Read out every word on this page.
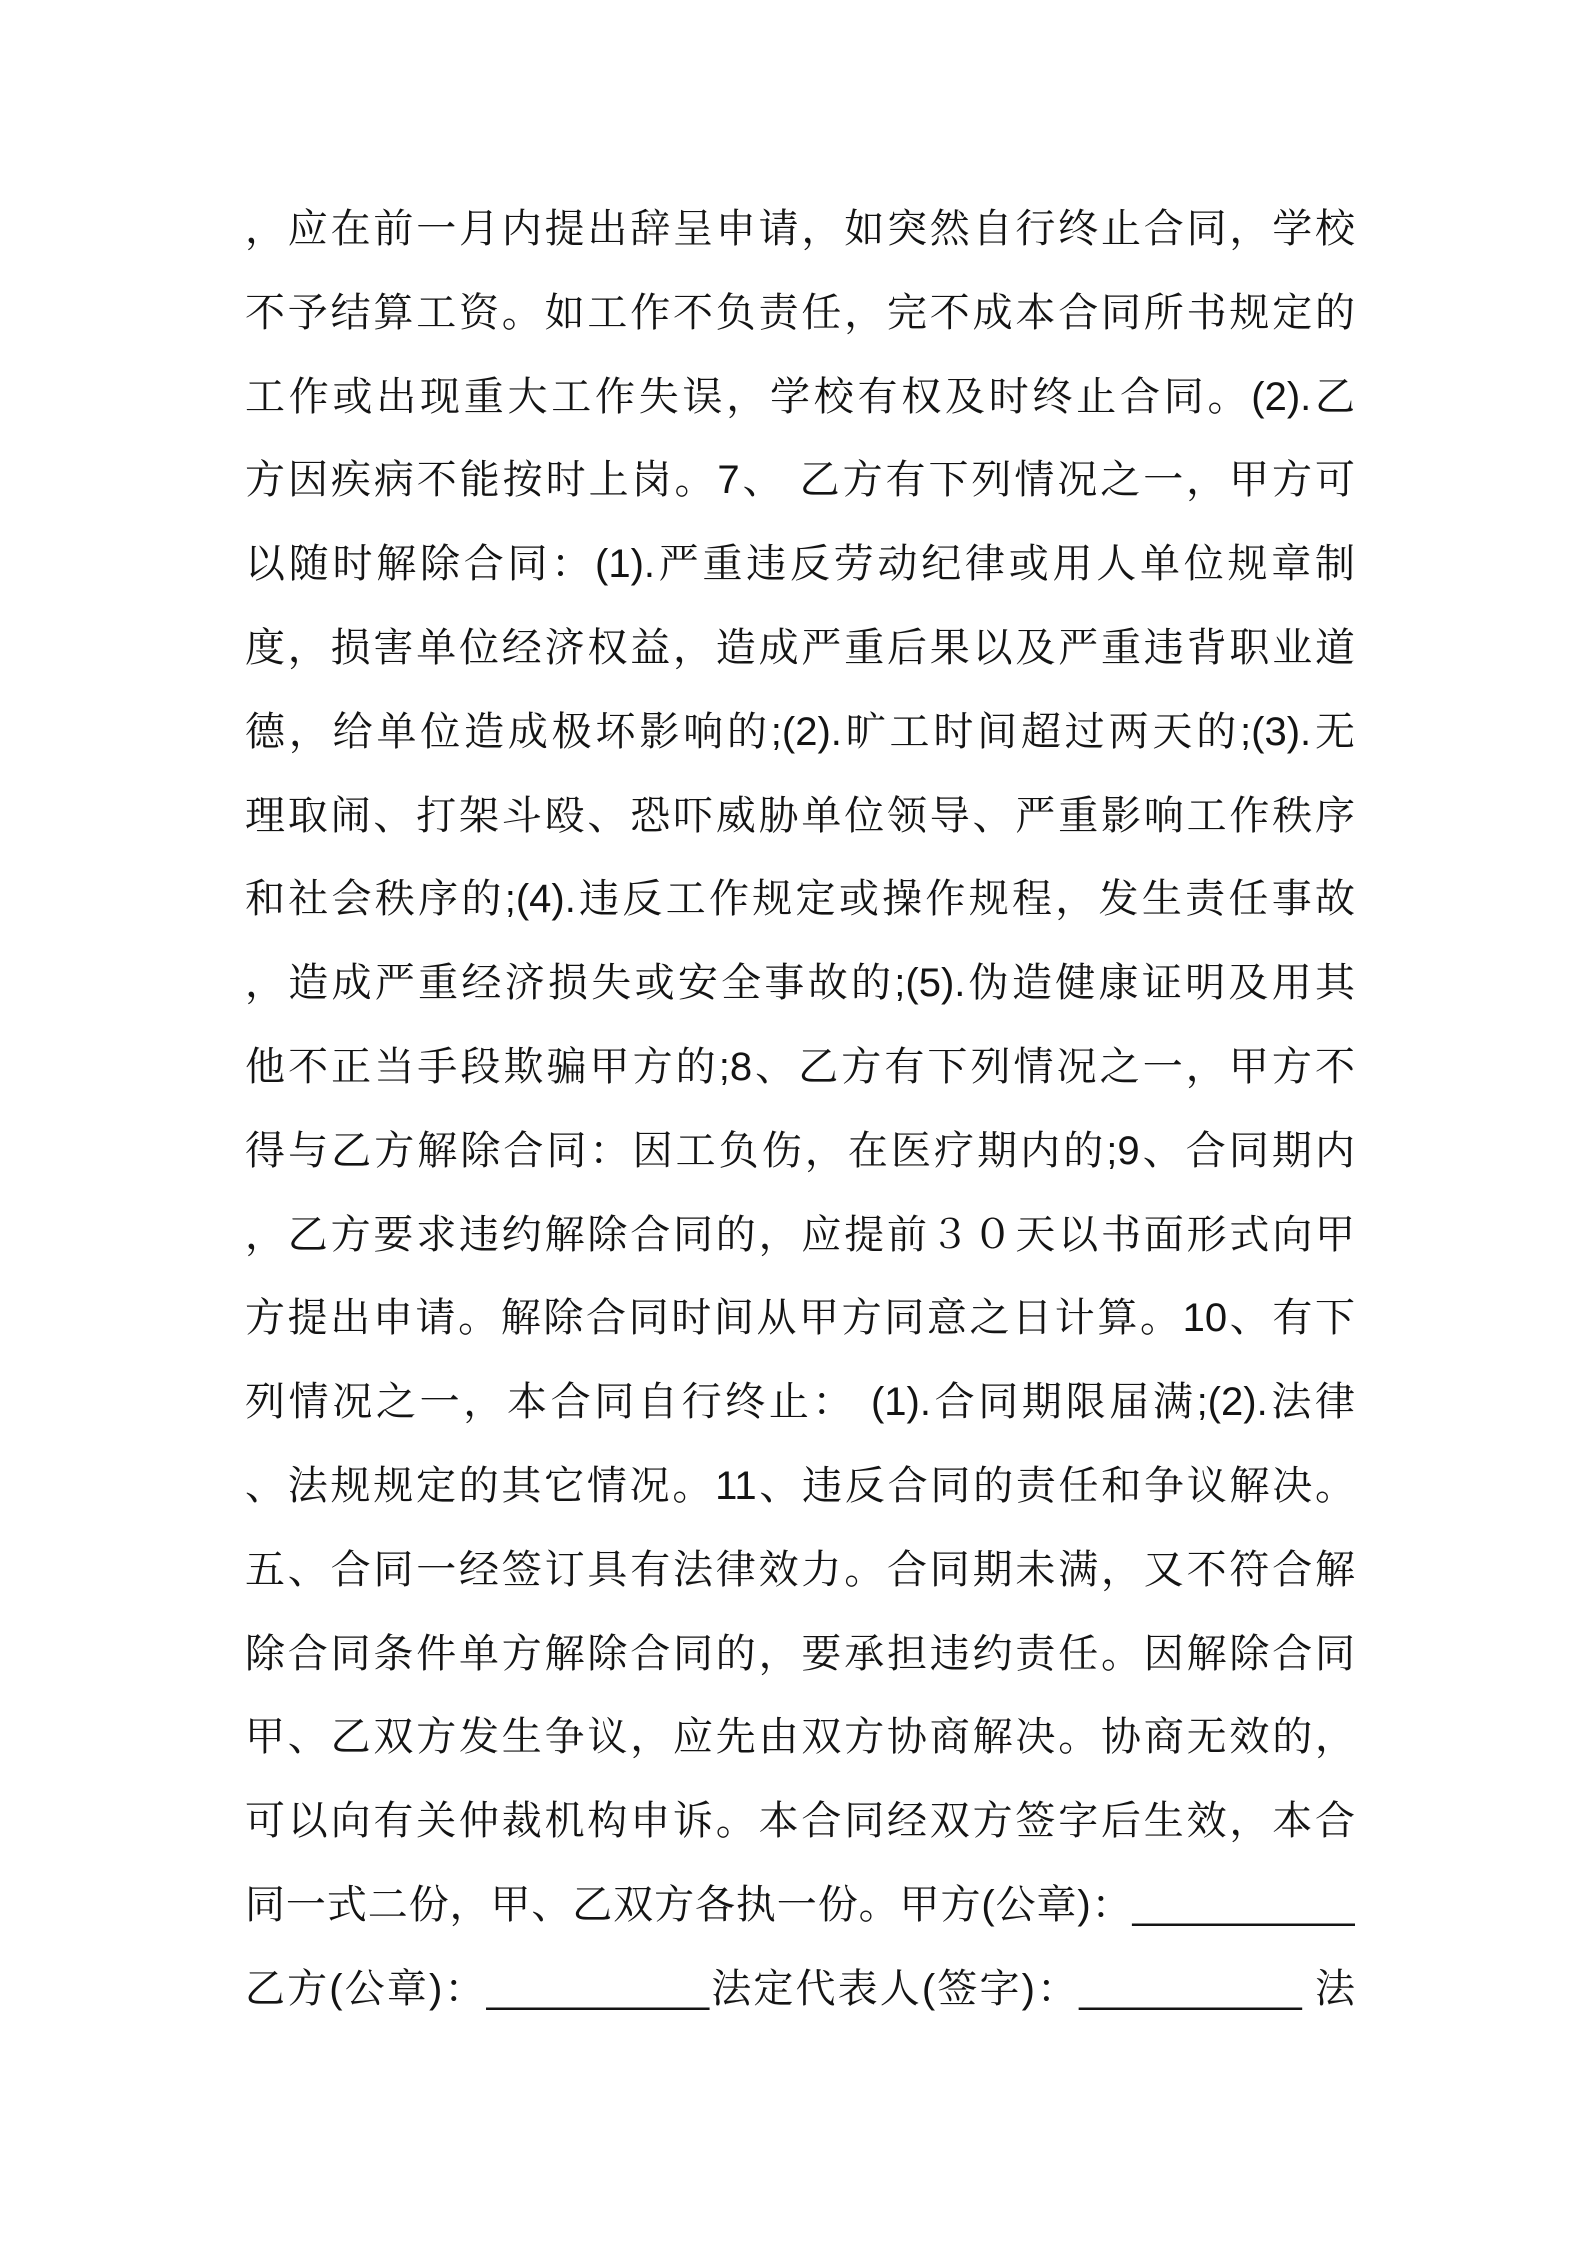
，应在前一月内提出辞呈申请，如突然自行终止合同，学校
不予结算工资。如工作不负责任，完不成本合同所书规定的
工作或出现重大工作失误，学校有权及时终止合同。(2).乙
方因疾病不能按时上岗。7、 乙方有下列情况之一，甲方可
以随时解除合同：(1).严重违反劳动纪律或用人单位规章制
度，损害单位经济权益，造成严重后果以及严重违背职业道
德，给单位造成极坏影响的;(2).旷工时间超过两天的;(3).无
理取闹、打架斗殴、恐吓威胁单位领导、严重影响工作秩序
和社会秩序的;(4).违反工作规定或操作规程，发生责任事故
，造成严重经济损失或安全事故的;(5).伪造健康证明及用其
他不正当手段欺骗甲方的;8、乙方有下列情况之一，甲方不
得与乙方解除合同：因工负伤，在医疗期内的;9、合同期内
，乙方要求违约解除合同的，应提前３０天以书面形式向甲
方提出申请。解除合同时间从甲方同意之日计算。10、有下
列情况之一，本合同自行终止： (1).合同期限届满;(2).法律
、法规规定的其它情况。11、违反合同的责任和争议解决。
五、合同一经签订具有法律效力。合同期未满，又不符合解
除合同条件单方解除合同的，要承担违约责任。因解除合同
甲、乙双方发生争议，应先由双方协商解决。协商无效的，
可以向有关仲裁机构申诉。本合同经双方签字后生效，本合
同一式二份，甲、乙双方各执一份。甲方(公章)：__________
乙方(公章)：__________法定代表人(签字)：__________ 法
